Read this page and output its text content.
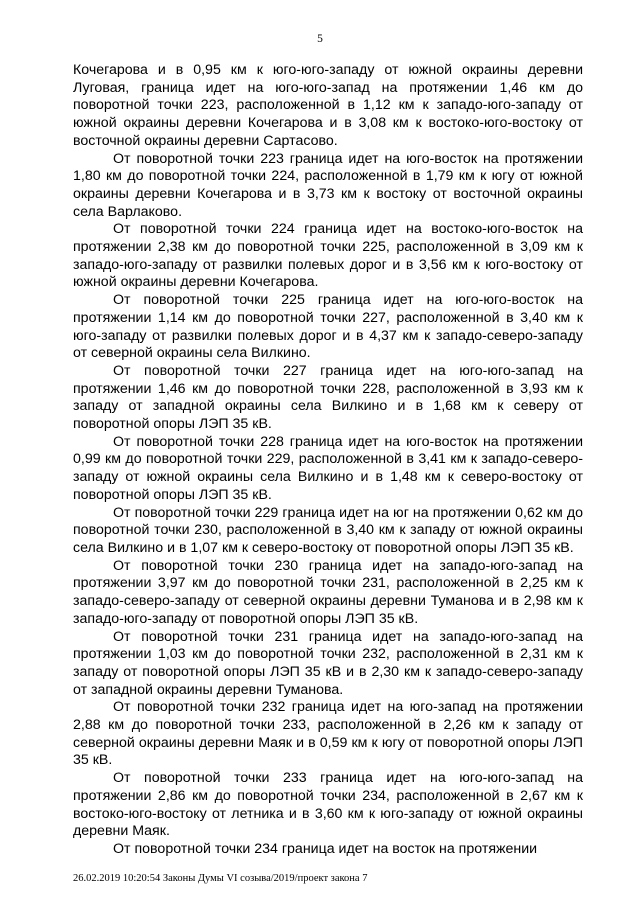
5

Кочегарова и в 0,95 км к юго-юго-западу от южной окраины деревни Луговая, граница идет на юго-юго-запад на протяжении 1,46 км до поворотной точки 223, расположенной в 1,12 км к западо-юго-западу от южной окраины деревни Кочегарова и в 3,08 км к востоко-юго-востоку от восточной окраины деревни Сартасово.

От поворотной точки 223 граница идет на юго-восток на протяжении 1,80 км до поворотной точки 224, расположенной в 1,79 км к югу от южной окраины деревни Кочегарова и в 3,73 км к востоку от восточной окраины села Варлаково.

От поворотной точки 224 граница идет на востоко-юго-восток на протяжении 2,38 км до поворотной точки 225, расположенной в 3,09 км к западо-юго-западу от развилки полевых дорог и в 3,56 км к юго-востоку от южной окраины деревни Кочегарова.

От поворотной точки 225 граница идет на юго-юго-восток на протяжении 1,14 км до поворотной точки 227, расположенной в 3,40 км к юго-западу от развилки полевых дорог и в 4,37 км к западо-северо-западу от северной окраины села Вилкино.

От поворотной точки 227 граница идет на юго-юго-запад на протяжении 1,46 км до поворотной точки 228, расположенной в 3,93 км к западу от западной окраины села Вилкино и в 1,68 км к северу от поворотной опоры ЛЭП 35 кВ.

От поворотной точки 228 граница идет на юго-восток на протяжении 0,99 км до поворотной точки 229, расположенной в 3,41 км к западо-северо-западу от южной окраины села Вилкино и в 1,48 км к северо-востоку от поворотной опоры ЛЭП 35 кВ.

От поворотной точки 229 граница идет на юг на протяжении 0,62 км до поворотной точки 230, расположенной в 3,40 км к западу от южной окраины села Вилкино и в 1,07 км к северо-востоку от поворотной опоры ЛЭП 35 кВ.

От поворотной точки 230 граница идет на западо-юго-запад на протяжении 3,97 км до поворотной точки 231, расположенной в 2,25 км к западо-северо-западу от северной окраины деревни Туманова и в 2,98 км к западо-юго-западу от поворотной опоры ЛЭП 35 кВ.

От поворотной точки 231 граница идет на западо-юго-запад на протяжении 1,03 км до поворотной точки 232, расположенной в 2,31 км к западу от поворотной опоры ЛЭП 35 кВ и в 2,30 км к западо-северо-западу от западной окраины деревни Туманова.

От поворотной точки 232 граница идет на юго-запад на протяжении 2,88 км до поворотной точки 233, расположенной в 2,26 км к западу от северной окраины деревни Маяк и в 0,59 км к югу от поворотной опоры ЛЭП 35 кВ.

От поворотной точки 233 граница идет на юго-юго-запад на протяжении 2,86 км до поворотной точки 234, расположенной в 2,67 км к востоко-юго-востоку от летника и в 3,60 км к юго-западу от южной окраины деревни Маяк.

От поворотной точки 234 граница идет на восток на протяжении

26.02.2019 10:20:54 Законы Думы VI созыва/2019/проект закона 7
